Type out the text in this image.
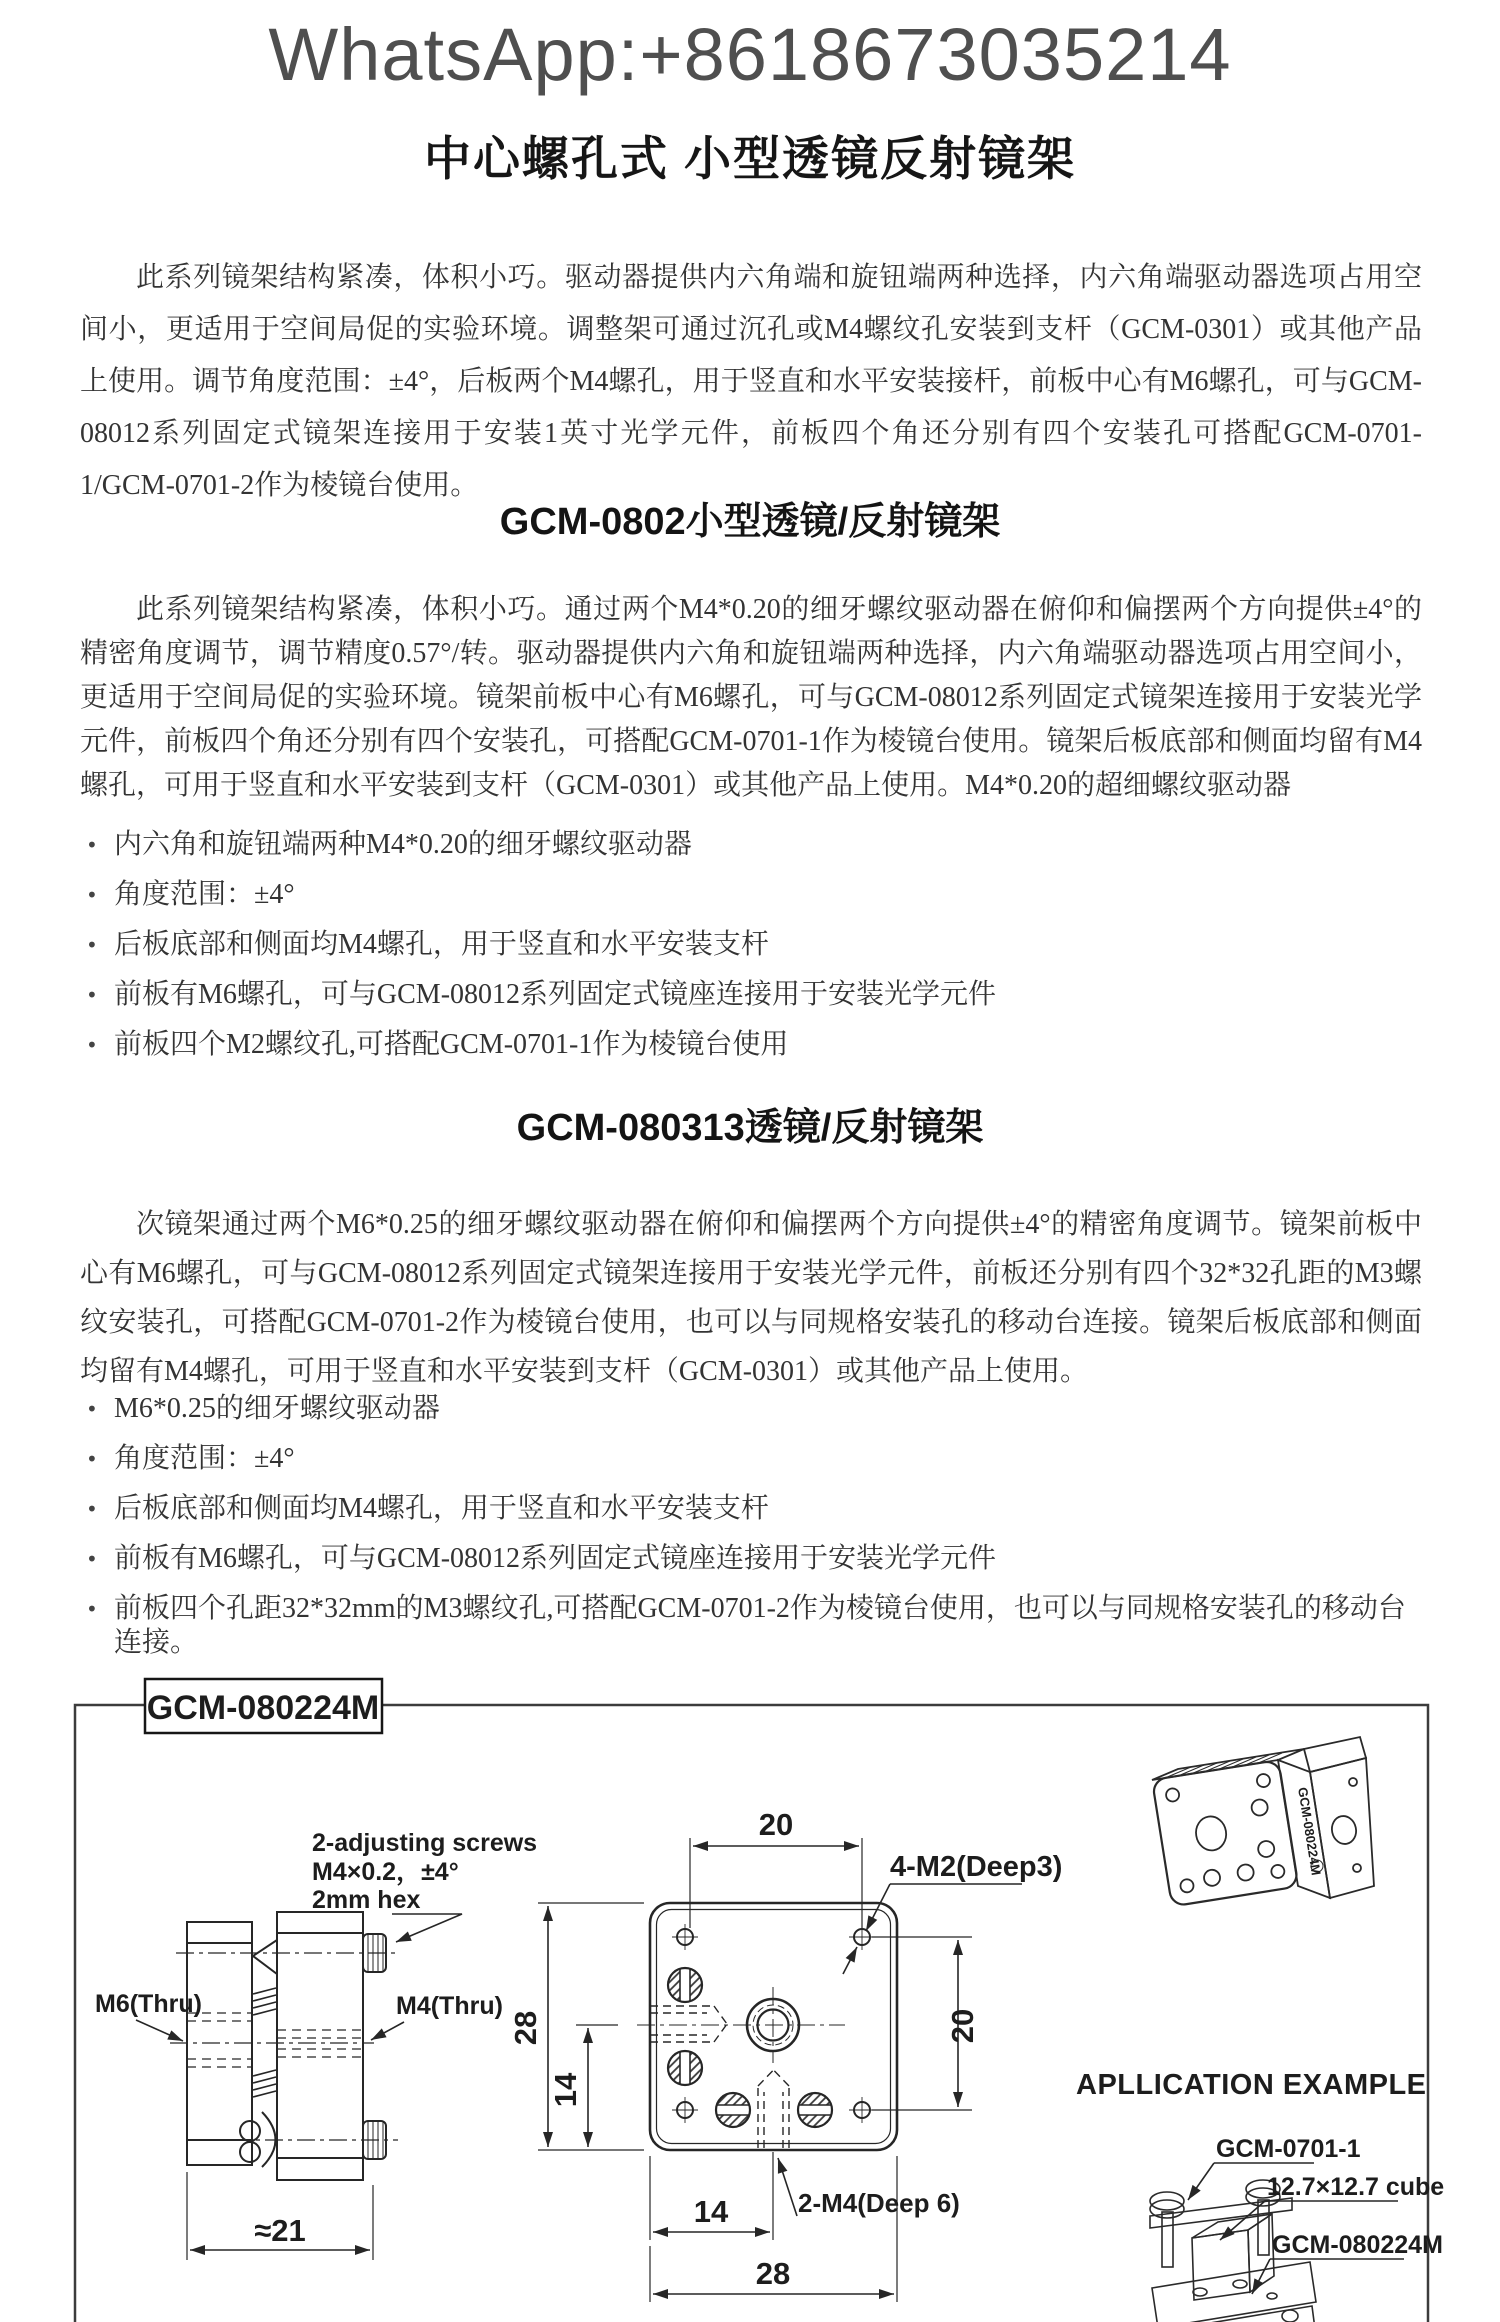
WhatsApp:+8618673035214
中心螺孔式 小型透镜反射镜架

此系列镜架结构紧凑，体积小巧。驱动器提供内六角端和旋钮端两种选择，内六角端驱动器选项占用空间小，更适用于空间局促的实验环境。调整架可通过沉孔或M4螺纹孔安装到支杆（GCM-0301）或其他产品上使用。调节角度范围：±4°，后板两个M4螺孔，用于竖直和水平安装接杆，前板中心有M6螺孔，可与GCM-08012系列固定式镜架连接用于安装1英寸光学元件，前板四个角还分别有四个安装孔可搭配GCM-0701-1/GCM-0701-2作为棱镜台使用。

GCM-0802小型透镜/反射镜架

此系列镜架结构紧凑，体积小巧。通过两个M4*0.20的细牙螺纹驱动器在俯仰和偏摆两个方向提供±4°的精密角度调节，调节精度0.57°/转。驱动器提供内六角和旋钮端两种选择，内六角端驱动器选项占用空间小，更适用于空间局促的实验环境。镜架前板中心有M6螺孔，可与GCM-08012系列固定式镜架连接用于安装光学元件，前板四个角还分别有四个安装孔，可搭配GCM-0701-1作为棱镜台使用。镜架后板底部和侧面均留有M4螺孔，可用于竖直和水平安装到支杆（GCM-0301）或其他产品上使用。M4*0.20的超细螺纹驱动器

• 内六角和旋钮端两种M4*0.20的细牙螺纹驱动器
• 角度范围：±4°
• 后板底部和侧面均M4螺孔，用于竖直和水平安装支杆
• 前板有M6螺孔，可与GCM-08012系列固定式镜座连接用于安装光学元件
• 前板四个M2螺纹孔,可搭配GCM-0701-1作为棱镜台使用
GCM-080313透镜/反射镜架

次镜架通过两个M6*0.25的细牙螺纹驱动器在俯仰和偏摆两个方向提供±4°的精密角度调节。镜架前板中心有M6螺孔，可与GCM-08012系列固定式镜架连接用于安装光学元件，前板还分别有四个32*32孔距的M3螺纹安装孔，可搭配GCM-0701-2作为棱镜台使用，也可以与同规格安装孔的移动台连接。镜架后板底部和侧面均留有M4螺孔，可用于竖直和水平安装到支杆（GCM-0301）或其他产品上使用。

• M6*0.25的细牙螺纹驱动器
• 角度范围：±4°
• 后板底部和侧面均M4螺孔，用于竖直和水平安装支杆
• 前板有M6螺孔，可与GCM-08012系列固定式镜座连接用于安装光学元件
• 前板四个孔距32*32mm的M3螺纹孔,可搭配GCM-0701-2作为棱镜台使用，也可以与同规格安装孔的移动台连接。
GCM-080224M
M6(Thru)	M4(Thru)
≈21
2-adjusting screws
M4×0.2，±4°
2mm hex
20
28
14
20
14
28
4-M2(Deep3)
2-M4(Deep 6)
GCM-080224M
APLLICATION EXAMPLE
GCM-0701-1
12.7×12.7 cube
GCM-080224M
